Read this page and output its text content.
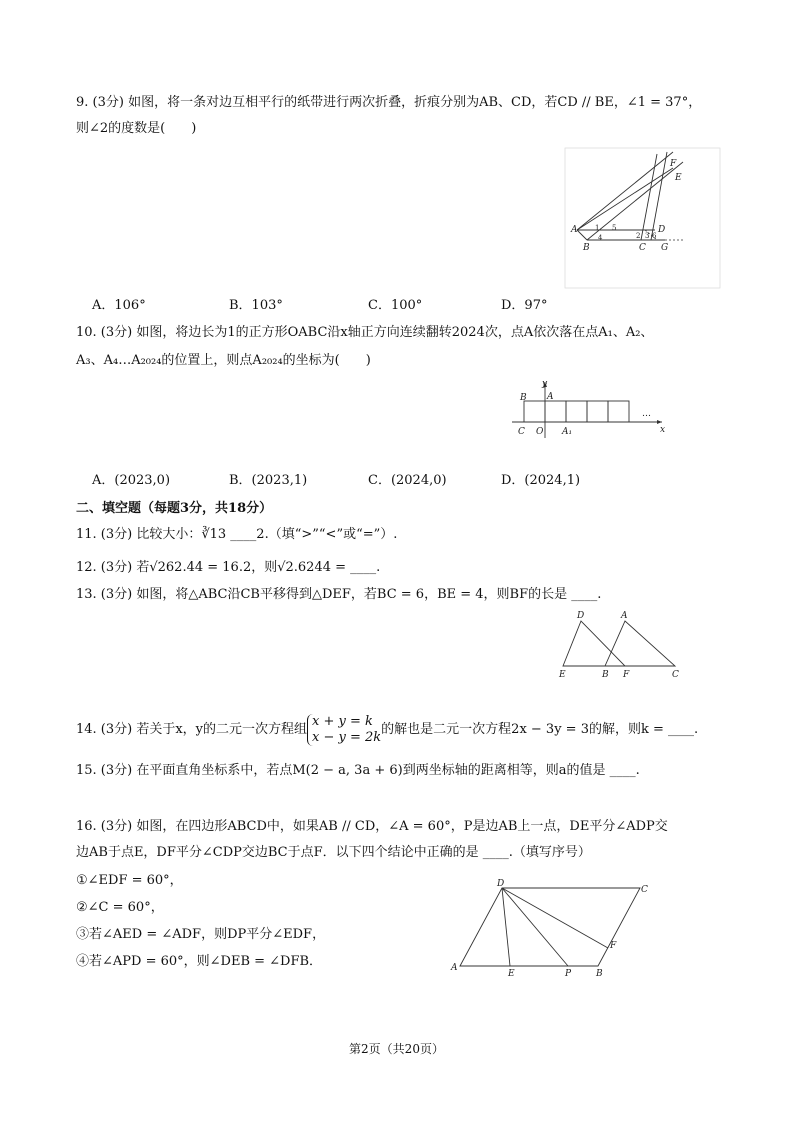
9. (3分) 如图，将一条对边互相平行的纸带进行两次折叠，折痕分别为AB、CD，若CD // BE，∠1 = 37°，
则∠2的度数是(　　)
A
B	C
D
E
F
G
1
2 3
4
5
6
A．106°	B．103°	C．100°	D．97°
10. (3分) 如图，将边长为1的正方形OABC沿x轴正方向连续翻转2024次，点A依次落在点A₁、A₂、
A₃、A₄…A₂₀₂₄的位置上，则点A₂₀₂₄的坐标为(　　)
y
B A
C O A₁	x
…
A．(2023,0)	B．(2023,1)	C．(2024,0)	D．(2024,1)
二、填空题（每题3分，共18分）
11. (3分) 比较大小：∛13 ____2.（填“>”“<”或“=”）.
12. (3分) 若√262.44 = 16.2，则√2.6244 = ____.
13. (3分) 如图，将△ABC沿CB平移得到△DEF，若BC = 6，BE = 4，则BF的长是 ____.
D	A
E	B F	C
14. (3分) 若关于x，y的二元一次方程组x + y = k
x − y = 2k的解也是二元一次方程2x − 3y = 3的解，则k = ____.
15. (3分) 在平面直角坐标系中，若点M(2 − a, 3a + 6)到两坐标轴的距离相等，则a的值是 ____.
16. (3分) 如图，在四边形ABCD中，如果AB // CD，∠A = 60°，P是边AB上一点，DE平分∠ADP交
边AB于点E，DF平分∠CDP交边BC于点F．以下四个结论中正确的是 ____.（填写序号）
①∠EDF = 60°，
②∠C = 60°，
③若∠AED = ∠ADF，则DP平分∠EDF，
④若∠APD = 60°，则∠DEB = ∠DFB．
D
C
F
A
E	P	B
第2页（共20页）
